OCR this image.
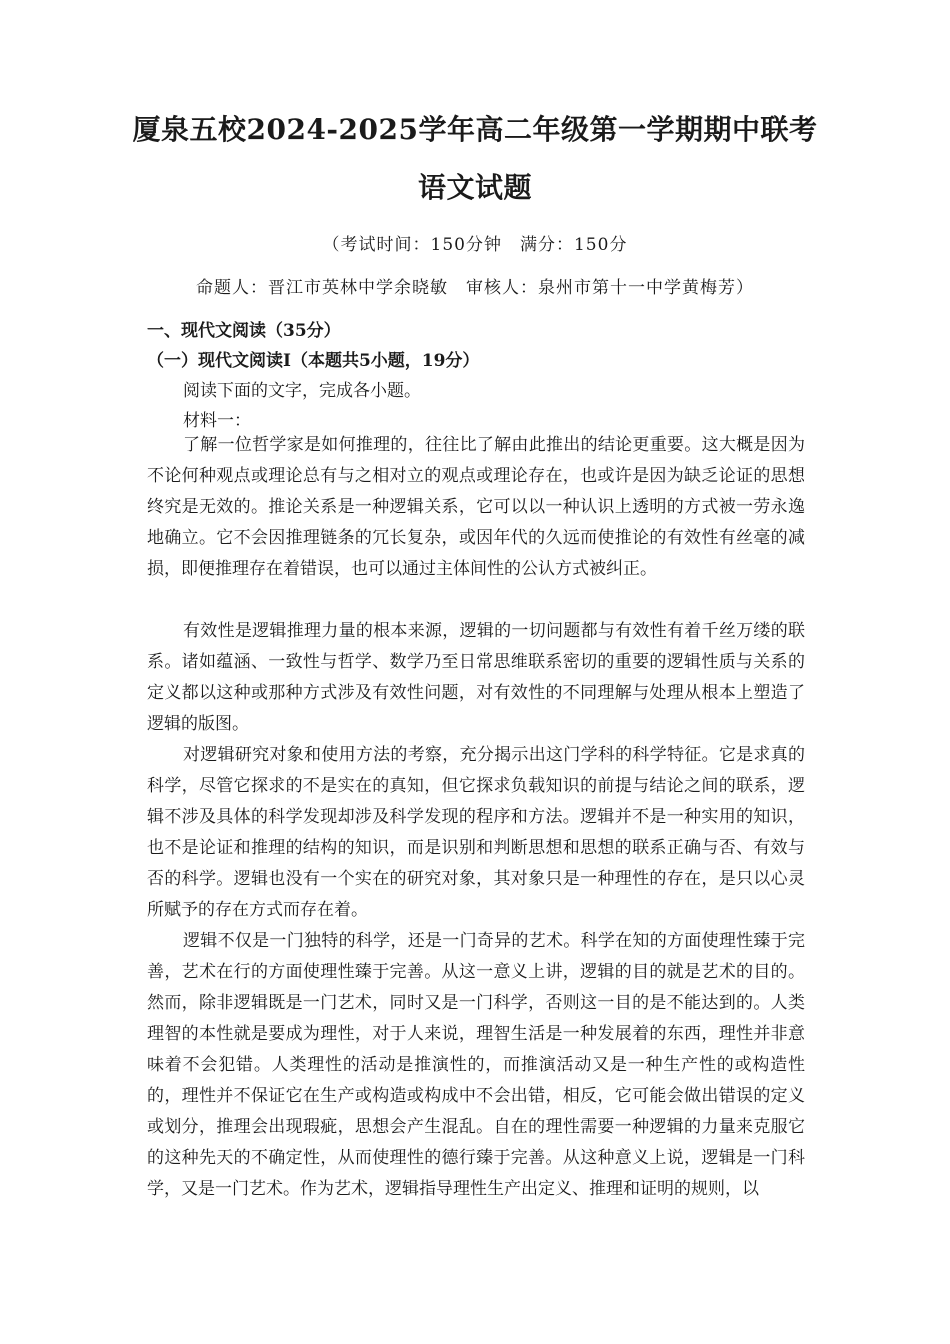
厦泉五校2024-2025学年高二年级第一学期期中联考
语文试题
（考试时间：150分钟　满分：150分
命题人：晋江市英林中学余晓敏　审核人：泉州市第十一中学黄梅芳）
一、现代文阅读（35分）
（一）现代文阅读Ⅰ（本题共5小题，19分）
阅读下面的文字，完成各小题。
材料一：

了解一位哲学家是如何推理的，往往比了解由此推出的结论更重要。这大概是因为不论何种观点或理论总有与之相对立的观点或理论存在，也或许是因为缺乏论证的思想终究是无效的。推论关系是一种逻辑关系，它可以以一种认识上透明的方式被一劳永逸地确立。它不会因推理链条的冗长复杂，或因年代的久远而使推论的有效性有丝毫的减损，即便推理存在着错误，也可以通过主体间性的公认方式被纠正。

有效性是逻辑推理力量的根本来源，逻辑的一切问题都与有效性有着千丝万缕的联系。诸如蕴涵、一致性与哲学、数学乃至日常思维联系密切的重要的逻辑性质与关系的定义都以这种或那种方式涉及有效性问题，对有效性的不同理解与处理从根本上塑造了逻辑的版图。

对逻辑研究对象和使用方法的考察，充分揭示出这门学科的科学特征。它是求真的科学，尽管它探求的不是实在的真知，但它探求负载知识的前提与结论之间的联系，逻辑不涉及具体的科学发现却涉及科学发现的程序和方法。逻辑并不是一种实用的知识，也不是论证和推理的结构的知识，而是识别和判断思想和思想的联系正确与否、有效与否的科学。逻辑也没有一个实在的研究对象，其对象只是一种理性的存在，是只以心灵所赋予的存在方式而存在着。

逻辑不仅是一门独特的科学，还是一门奇异的艺术。科学在知的方面使理性臻于完善，艺术在行的方面使理性臻于完善。从这一意义上讲，逻辑的目的就是艺术的目的。然而，除非逻辑既是一门艺术，同时又是一门科学，否则这一目的是不能达到的。人类理智的本性就是要成为理性，对于人来说，理智生活是一种发展着的东西，理性并非意味着不会犯错。人类理性的活动是推演性的，而推演活动又是一种生产性的或构造性的，理性并不保证它在生产或构造或构成中不会出错，相反，它可能会做出错误的定义或划分，推理会出现瑕疵，思想会产生混乱。自在的理性需要一种逻辑的力量来克服它的这种先天的不确定性，从而使理性的德行臻于完善。从这种意义上说，逻辑是一门科学，又是一门艺术。作为艺术，逻辑指导理性生产出定义、推理和证明的规则，以
